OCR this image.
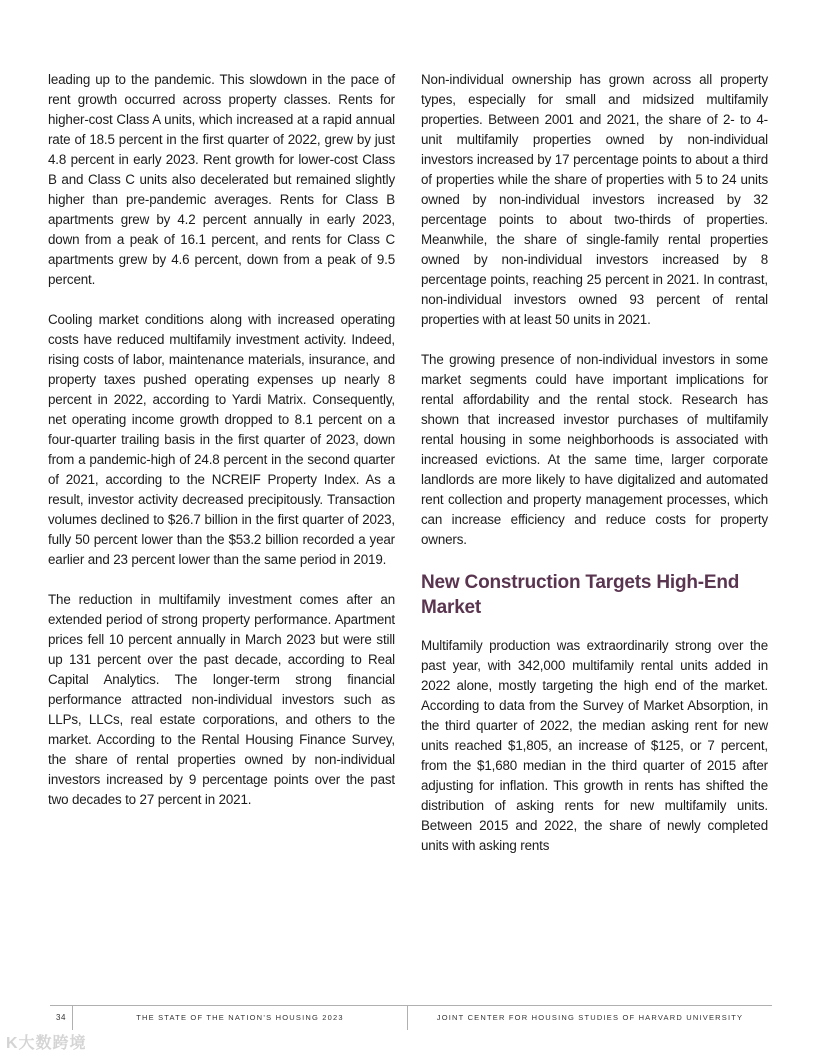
leading up to the pandemic. This slowdown in the pace of rent growth occurred across property classes. Rents for higher-cost Class A units, which increased at a rapid annual rate of 18.5 percent in the first quarter of 2022, grew by just 4.8 percent in early 2023. Rent growth for lower-cost Class B and Class C units also decelerated but remained slightly higher than pre-pandemic averages. Rents for Class B apartments grew by 4.2 percent annually in early 2023, down from a peak of 16.1 percent, and rents for Class C apartments grew by 4.6 percent, down from a peak of 9.5 percent.

Cooling market conditions along with increased operating costs have reduced multifamily investment activity. Indeed, rising costs of labor, maintenance materials, insurance, and property taxes pushed operating expenses up nearly 8 percent in 2022, according to Yardi Matrix. Consequently, net operating income growth dropped to 8.1 percent on a four-quarter trailing basis in the first quarter of 2023, down from a pandemic-high of 24.8 percent in the second quarter of 2021, according to the NCREIF Property Index. As a result, investor activity decreased precipitously. Transaction volumes declined to $26.7 billion in the first quarter of 2023, fully 50 percent lower than the $53.2 billion recorded a year earlier and 23 percent lower than the same period in 2019.

The reduction in multifamily investment comes after an extended period of strong property performance. Apartment prices fell 10 percent annually in March 2023 but were still up 131 percent over the past decade, according to Real Capital Analytics. The longer-term strong financial performance attracted non-individual investors such as LLPs, LLCs, real estate corporations, and others to the market. According to the Rental Housing Finance Survey, the share of rental properties owned by non-individual investors increased by 9 percentage points over the past two decades to 27 percent in 2021.

Non-individual ownership has grown across all property types, especially for small and midsized multifamily properties. Between 2001 and 2021, the share of 2- to 4-unit multifamily properties owned by non-individual investors increased by 17 percentage points to about a third of properties while the share of properties with 5 to 24 units owned by non-individual investors increased by 32 percentage points to about two-thirds of properties. Meanwhile, the share of single-family rental properties owned by non-individual investors increased by 8 percentage points, reaching 25 percent in 2021. In contrast, non-individual investors owned 93 percent of rental properties with at least 50 units in 2021.

The growing presence of non-individual investors in some market segments could have important implications for rental affordability and the rental stock. Research has shown that increased investor purchases of multifamily rental housing in some neighborhoods is associated with increased evictions. At the same time, larger corporate landlords are more likely to have digitalized and automated rent collection and property management processes, which can increase efficiency and reduce costs for property owners.

New Construction Targets High-End Market

Multifamily production was extraordinarily strong over the past year, with 342,000 multifamily rental units added in 2022 alone, mostly targeting the high end of the market. According to data from the Survey of Market Absorption, in the third quarter of 2022, the median asking rent for new units reached $1,805, an increase of $125, or 7 percent, from the $1,680 median in the third quarter of 2015 after adjusting for inflation. This growth in rents has shifted the distribution of asking rents for new multifamily units. Between 2015 and 2022, the share of newly completed units with asking rents

34	THE STATE OF THE NATION’S HOUSING 2023	JOINT CENTER FOR HOUSING STUDIES OF HARVARD UNIVERSITY
K大数跨境
